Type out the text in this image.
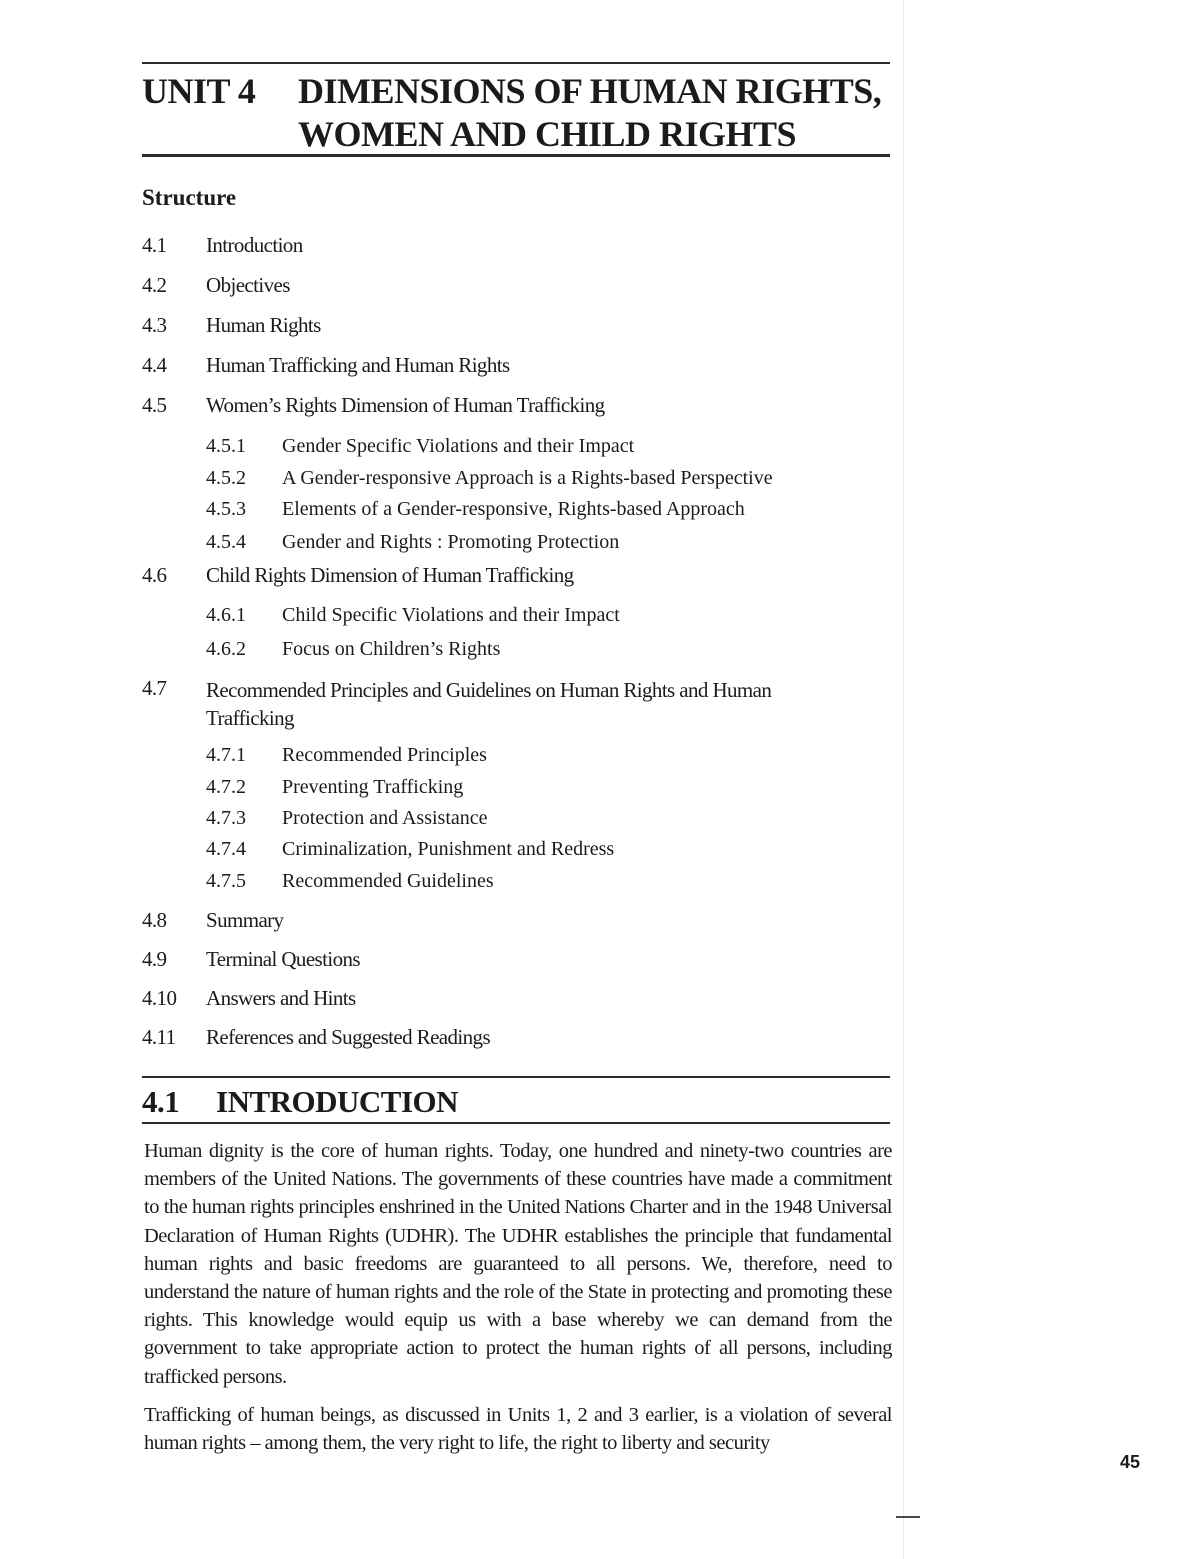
UNIT 4 DIMENSIONS OF HUMAN RIGHTS,
WOMEN AND CHILD RIGHTS
Structure
4.1 Introduction
4.2 Objectives
4.3 Human Rights
4.4 Human Trafficking and Human Rights
4.5 Women’s Rights Dimension of Human Trafficking
4.5.1 Gender Specific Violations and their Impact
4.5.2 A Gender-responsive Approach is a Rights-based Perspective
4.5.3 Elements of a Gender-responsive, Rights-based Approach
4.5.4 Gender and Rights : Promoting Protection
4.6 Child Rights Dimension of Human Trafficking
4.6.1 Child Specific Violations and their Impact
4.6.2 Focus on Children’s Rights
4.7 Recommended Principles and Guidelines on Human Rights and Human Trafficking
4.7.1 Recommended Principles
4.7.2 Preventing Trafficking
4.7.3 Protection and Assistance
4.7.4 Criminalization, Punishment and Redress
4.7.5 Recommended Guidelines
4.8 Summary
4.9 Terminal Questions
4.10 Answers and Hints
4.11 References and Suggested Readings
4.1 INTRODUCTION
Human dignity is the core of human rights. Today, one hundred and ninety-two countries are members of the United Nations. The governments of these countries have made a commitment to the human rights principles enshrined in the United Nations Charter and in the 1948 Universal Declaration of Human Rights (UDHR). The UDHR establishes the principle that fundamental human rights and basic freedoms are guaranteed to all persons. We, therefore, need to understand the nature of human rights and the role of the State in protecting and promoting these rights. This knowledge would equip us with a base whereby we can demand from the government to take appropriate action to protect the human rights of all persons, including trafficked persons.
Trafficking of human beings, as discussed in Units 1, 2 and 3 earlier, is a violation of several human rights – among them, the very right to life, the right to liberty and security
45
